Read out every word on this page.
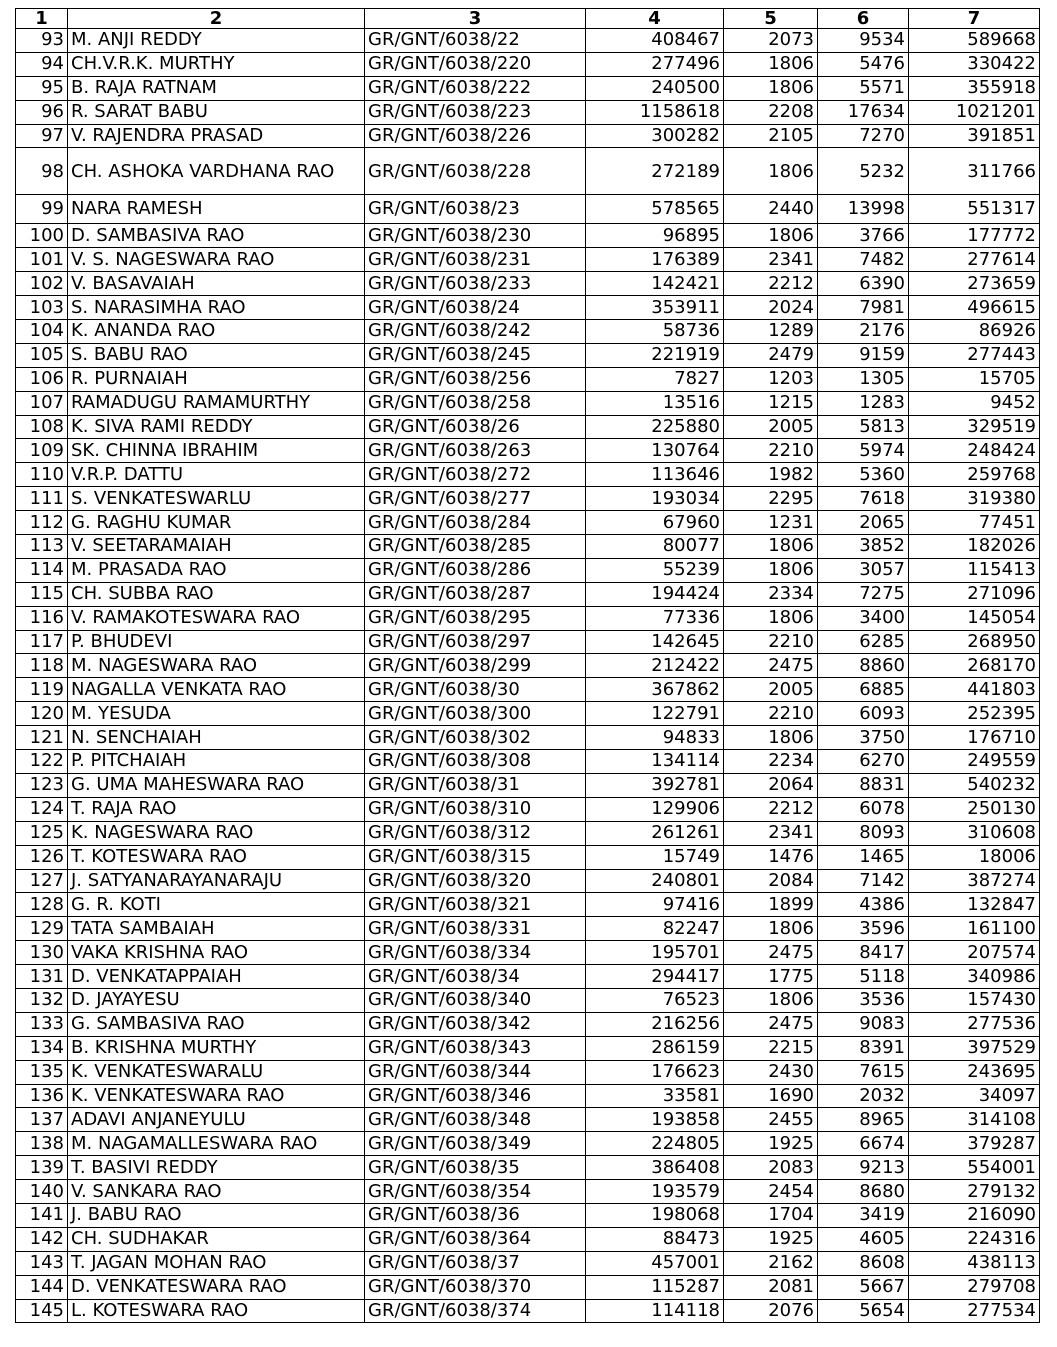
1	2	3	4	5	6	7
93	M. ANJI REDDY	GR/GNT/6038/22	408467	2073	9534	589668
94	CH.V.R.K. MURTHY	GR/GNT/6038/220	277496	1806	5476	330422
95	B. RAJA RATNAM	GR/GNT/6038/222	240500	1806	5571	355918
96	R. SARAT BABU	GR/GNT/6038/223	1158618	2208	17634	1021201
97	V. RAJENDRA PRASAD	GR/GNT/6038/226	300282	2105	7270	391851
98	CH. ASHOKA VARDHANA RAO	GR/GNT/6038/228	272189	1806	5232	311766
99	NARA RAMESH	GR/GNT/6038/23	578565	2440	13998	551317
100	D. SAMBASIVA RAO	GR/GNT/6038/230	96895	1806	3766	177772
101	V. S. NAGESWARA RAO	GR/GNT/6038/231	176389	2341	7482	277614
102	V. BASAVAIAH	GR/GNT/6038/233	142421	2212	6390	273659
103	S. NARASIMHA RAO	GR/GNT/6038/24	353911	2024	7981	496615
104	K. ANANDA RAO	GR/GNT/6038/242	58736	1289	2176	86926
105	S. BABU RAO	GR/GNT/6038/245	221919	2479	9159	277443
106	R. PURNAIAH	GR/GNT/6038/256	7827	1203	1305	15705
107	RAMADUGU RAMAMURTHY	GR/GNT/6038/258	13516	1215	1283	9452
108	K. SIVA RAMI REDDY	GR/GNT/6038/26	225880	2005	5813	329519
109	SK. CHINNA IBRAHIM	GR/GNT/6038/263	130764	2210	5974	248424
110	V.R.P. DATTU	GR/GNT/6038/272	113646	1982	5360	259768
111	S. VENKATESWARLU	GR/GNT/6038/277	193034	2295	7618	319380
112	G. RAGHU KUMAR	GR/GNT/6038/284	67960	1231	2065	77451
113	V. SEETARAMAIAH	GR/GNT/6038/285	80077	1806	3852	182026
114	M. PRASADA RAO	GR/GNT/6038/286	55239	1806	3057	115413
115	CH. SUBBA RAO	GR/GNT/6038/287	194424	2334	7275	271096
116	V. RAMAKOTESWARA RAO	GR/GNT/6038/295	77336	1806	3400	145054
117	P. BHUDEVI	GR/GNT/6038/297	142645	2210	6285	268950
118	M. NAGESWARA RAO	GR/GNT/6038/299	212422	2475	8860	268170
119	NAGALLA VENKATA RAO	GR/GNT/6038/30	367862	2005	6885	441803
120	M. YESUDA	GR/GNT/6038/300	122791	2210	6093	252395
121	N. SENCHAIAH	GR/GNT/6038/302	94833	1806	3750	176710
122	P. PITCHAIAH	GR/GNT/6038/308	134114	2234	6270	249559
123	G. UMA MAHESWARA RAO	GR/GNT/6038/31	392781	2064	8831	540232
124	T. RAJA RAO	GR/GNT/6038/310	129906	2212	6078	250130
125	K. NAGESWARA RAO	GR/GNT/6038/312	261261	2341	8093	310608
126	T. KOTESWARA RAO	GR/GNT/6038/315	15749	1476	1465	18006
127	J. SATYANARAYANARAJU	GR/GNT/6038/320	240801	2084	7142	387274
128	G. R. KOTI	GR/GNT/6038/321	97416	1899	4386	132847
129	TATA SAMBAIAH	GR/GNT/6038/331	82247	1806	3596	161100
130	VAKA KRISHNA RAO	GR/GNT/6038/334	195701	2475	8417	207574
131	D. VENKATAPPAIAH	GR/GNT/6038/34	294417	1775	5118	340986
132	D. JAYAYESU	GR/GNT/6038/340	76523	1806	3536	157430
133	G. SAMBASIVA RAO	GR/GNT/6038/342	216256	2475	9083	277536
134	B. KRISHNA MURTHY	GR/GNT/6038/343	286159	2215	8391	397529
135	K. VENKATESWARALU	GR/GNT/6038/344	176623	2430	7615	243695
136	K. VENKATESWARA RAO	GR/GNT/6038/346	33581	1690	2032	34097
137	ADAVI ANJANEYULU	GR/GNT/6038/348	193858	2455	8965	314108
138	M. NAGAMALLESWARA RAO	GR/GNT/6038/349	224805	1925	6674	379287
139	T. BASIVI REDDY	GR/GNT/6038/35	386408	2083	9213	554001
140	V. SANKARA RAO	GR/GNT/6038/354	193579	2454	8680	279132
141	J. BABU RAO	GR/GNT/6038/36	198068	1704	3419	216090
142	CH. SUDHAKAR	GR/GNT/6038/364	88473	1925	4605	224316
143	T. JAGAN MOHAN RAO	GR/GNT/6038/37	457001	2162	8608	438113
144	D. VENKATESWARA RAO	GR/GNT/6038/370	115287	2081	5667	279708
145	L. KOTESWARA RAO	GR/GNT/6038/374	114118	2076	5654	277534
